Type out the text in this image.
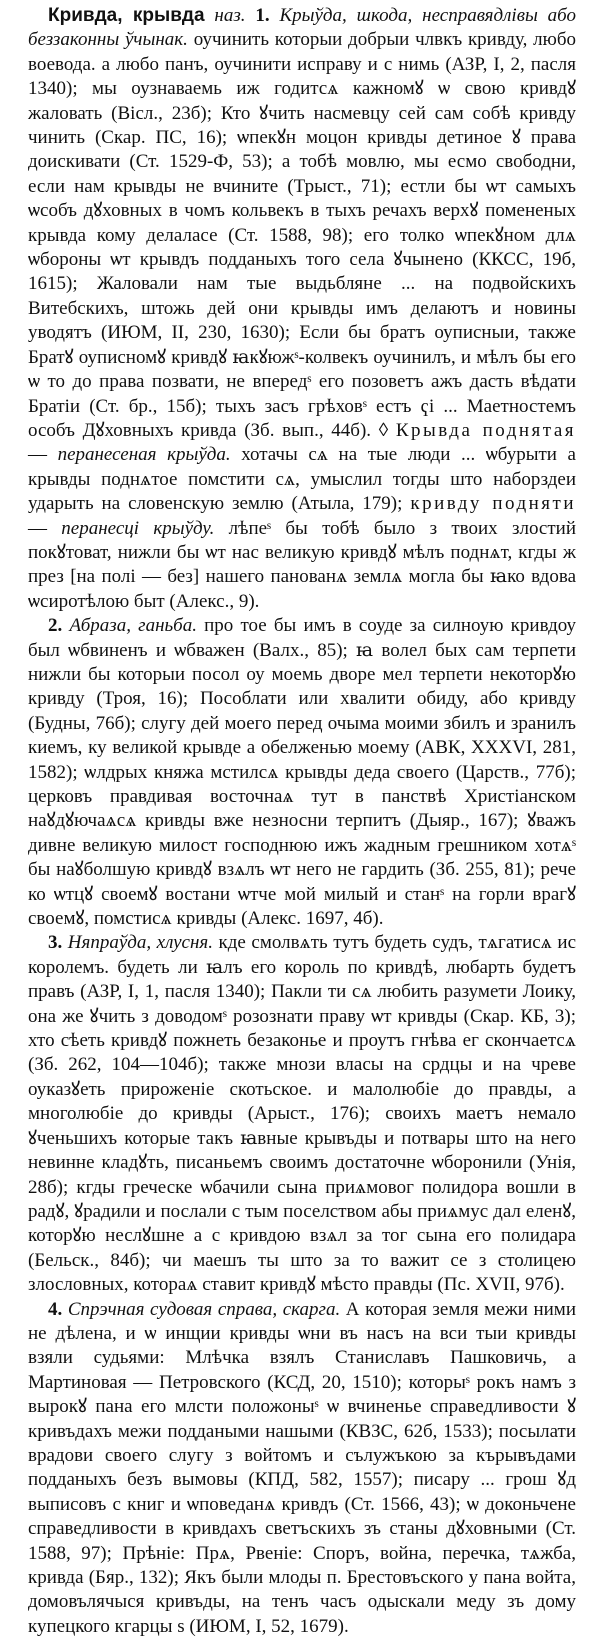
Кривда, крывда наз. 1. Крыўда, шкода, несправядлівы або беззаконны ўчынак. оучинить которыи добрыи члвкъ кривду, любо воевода. а любо панъ, оучинити исправу и с нимь (АЗР, І, 2, пасля 1340); мы оузнаваемь иж годитсѧ кажномꙋ ѡ свою кривдꙋ жаловать (Вісл., 23б); Кто ꙋчить насмевцу сей сам собѣ кривду чинить (Скар. ПС, 16); ѡпекꙋн моцон кривды детиное ꙋ права доискивати (Ст. 1529-Ф, 53); а тобѣ мовлю, мы есмо свободни, если нам крывды не вчините (Трыст., 71); естли бы ѡт самыхъ ѡсобъ дꙋховных в чомъ кольвекъ в тыхъ речахъ верхꙋ помененых крывда кому делаласе (Ст. 1588, 98); его толко ѡпекꙋном длѧ ѡбороны ѡт крывдъ подданыхъ того села ꙋчынено (ККСС, 19б, 1615); Жаловали нам тые выдьбляне ... на подвойскихъ Витебскихъ, штожь дей они крывды имъ делаютъ и новины уводятъ (ИЮМ, II, 230, 1630); Если бы братъ оуписныи, также Братꙋ оуписномꙋ кривдꙋ ꙗкꙋюжˢ-колвекъ оучинилъ, и мѣлъ бы его ѡ то до права позвати, не впередˢ его позоветъ ажъ дасть вѣдати Братіи (Ст. бр., 15б); тыхъ засъ грѣховˢ естъ ҁі ... Маетностемъ особъ Дꙋховныхъ кривда (Зб. вып., 44б). ◊ Крывда поднятая — перанесеная крыўда. хотачы сѧ на тые люди ... ѡбурыти а крывды поднѧтое помстити сѧ, умыслил тогды што наборздеи ударыть на словенскую землю (Атыла, 179); кривду подняти — перанесці крыўду. лѣпеˢ бы тобѣ было з твоих злостий покꙋтоват, нижли бы ѡт нас великую кривдꙋ мѣлъ поднѧт, кгды ж през [на полі — без] нашего панованѧ землѧ могла бы ꙗко вдова ѡсиротѣлою быт (Алекс., 9).

2. Абраза, ганьба. про тое бы имъ в соуде за силноую кривдоу был ѡбвиненъ и ѡбважен (Валх., 85); ꙗ волел бых сам терпети нижли бы которыи посол оу моемь дворе мел терпети некоторꙋю кривду (Троя, 16); Пособлати или хвалити обиду, або кривду (Будны, 76б); слугу дей моего перед очыма моими збилъ и зранилъ киемъ, ку великой крывде а обелженью моему (АВК, XXXVI, 281, 1582); ѡлдрых княжа мстилсѧ крывды деда своего (Царств., 77б); церковъ правдивая восточнаѧ тут в панствѣ Христіанском наꙋдꙋючаѧсѧ кривды вже незносни терпитъ (Дыяр., 167); ꙋважъ дивне великую милост господнюю ижъ жадным грешником хотѧˢ бы наꙋболшую кривдꙋ взѧлъ ѡт него не гардить (Зб. 255, 81); рече ко ѡтцꙋ своемꙋ востани ѡтче мой милый и станˢ на горли врагꙋ своемꙋ, помстисѧ кривды (Алекс. 1697, 4б).

3. Няпраўда, хлусня. кде смолвѧть тутъ будеть судъ, тѧгатисѧ ис королемъ. будеть ли ꙗлъ его король по кривдѣ, любарть будетъ правъ (АЗР, І, 1, пасля 1340); Пакли ти сѧ любить разумети Лоику, она же ꙋчить з доводомˢ розознати праву ѡт кривды (Скар. КБ, 3); хто сѣеть кривдꙋ пожнеть безаконье и проутъ гнѣва ег скончаетсѧ (Зб. 262, 104—104б); также мнози власы на срдцы и на чреве оуказꙋеть прироженіе скотьское. и малолюбіе до правды, а многолюбіе до кривды (Арыст., 176); своихъ маетъ немало ꙋченьшихъ которые такъ ꙗвные крывъды и потвары што на него невинне кладꙋть, писаньемъ своимъ достаточне ѡборонили (Унія, 28б); кгды греческе ѡбачили сына приѧмовог полидора вошли в радꙋ, ꙋрадили и послали с тым поселством абы приѧмус дал еленꙋ, которꙋю неслꙋшне а с кривдою взѧл за тог сына его полидара (Бельск., 84б); чи маешъ ты што за то важит се з столицею злословных, котораѧ ставит кривдꙋ мѣсто правды (Пс. XVII, 97б).

4. Спрэчная судовая справа, скарга. А которая земля межи ними не дѣлена, и ѡ инщии кривды ѡни въ насъ на вси тыи кривды взяли судьями: Млѣчка взялъ Станиславъ Пашковичь, а Мартиновая — Петровского (КСД, 20, 1510); которыˢ рокъ намъ з вырокꙋ пана его млсти положоныˢ ѡ вчиненье справедливости ꙋ кривъдахъ межи поддаными нашыми (КВЗС, 62б, 1533); посылати врадови своего слугу з войтомъ и сълужъкою за кърывъдами подданыхъ безъ вымовы (КПД, 582, 1557); писару ... грош ꙋд выписовъ с книг и ѡповеданѧ кривдъ (Ст. 1566, 43); ѡ доконьчене справедливости в кривдахъ светъскихъ зъ станы дꙋховными (Ст. 1588, 97); Прѣніе: Прѧ, Рвеніе: Споръ, война, перечка, тѧжба, кривда (Бяр., 132); Якъ были млоды п. Брестовъского у пана войта, домовълячыся кривъды, на тенъ часъ одыскали меду зъ дому купецкого кгарцы ѕ (ИЮМ, І, 52, 1679).
